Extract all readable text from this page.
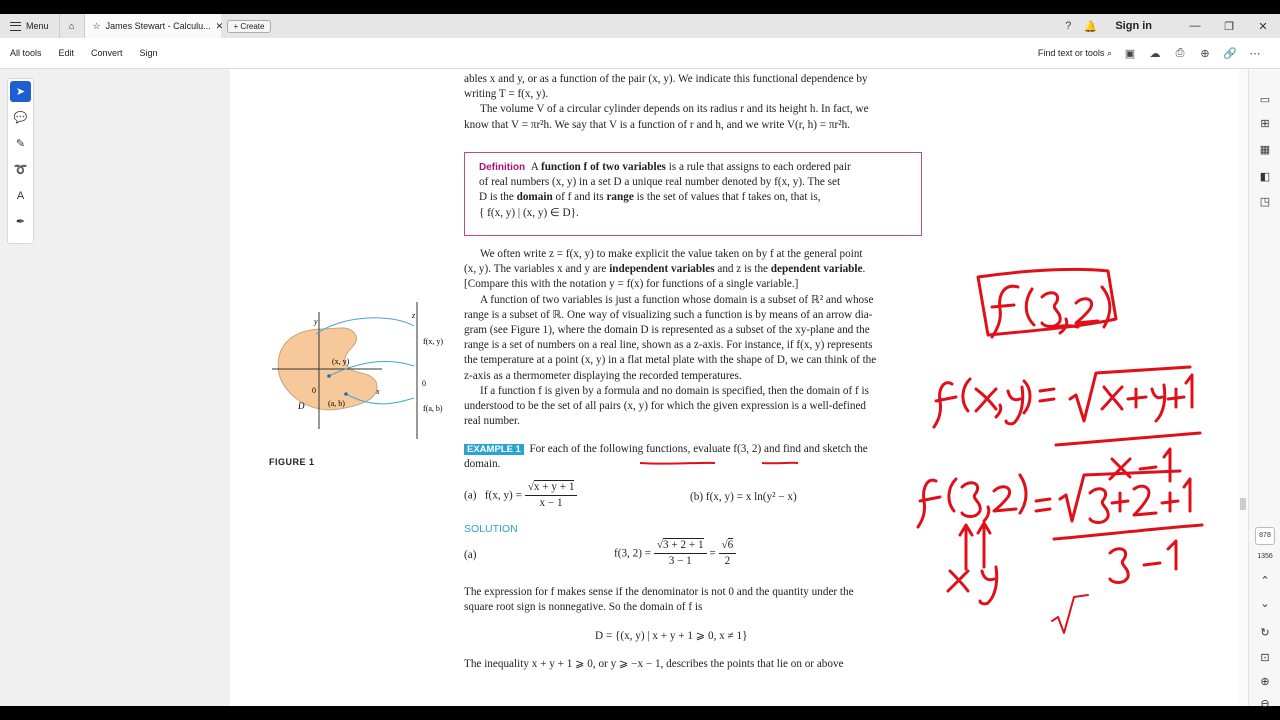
Menu ⌂ ☆ James Stewart - Calculu... ✕	+ Create	?	🔔	Sign in	—	❐	✕
All tools Edit Convert Sign	Find text or tools ⌕ ▣ ☁ ⎙ ⊕ 🔗 ⋯
➤
💬
✎
➰
A
✒
▭
⊞
▦
◧
◳
⌃
⌄
↻
⊡
⊕
⊖
878
1356

ables x and y, or as a function of the pair (x, y). We indicate this functional dependence by

writing T = f(x, y).

The volume V of a circular cylinder depends on its radius r and its height h. In fact, we

know that V = πr²h. We say that V is a function of r and h, and we write V(r, h) = πr²h.

Definition A function f of two variables is a rule that assigns to each ordered pair

of real numbers (x, y) in a set D a unique real number denoted by f(x, y). The set

D is the domain of f and its range is the set of values that f takes on, that is,

{ f(x, y) | (x, y) ∈ D}.

We often write z = f(x, y) to make explicit the value taken on by f at the general point

(x, y). The variables x and y are independent variables and z is the dependent variable.

[Compare this with the notation y = f(x) for functions of a single variable.]

A function of two variables is just a function whose domain is a subset of ℝ² and whose

range is a subset of ℝ. One way of visualizing such a function is by means of an arrow dia-

gram (see Figure 1), where the domain D is represented as a subset of the xy-plane and the

range is a set of numbers on a real line, shown as a z-axis. For instance, if f(x, y) represents

the temperature at a point (x, y) in a flat metal plate with the shape of D, we can think of the

z-axis as a thermometer displaying the recorded temperatures.

If a function f is given by a formula and no domain is specified, then the domain of f is

understood to be the set of all pairs (x, y) for which the given expression is a well-defined

real number.

EXAMPLE 1 For each of the following functions, evaluate f(3, 2) and find and sketch the

domain.

(a) f(x, $y) = \frac{√x + y + 1}{x - 1}$	(b) f(x, y) = x ln(y² − x)
SOLUTION
(a)	f(3, $2) = \frac{√3 + 2 + 1}{3 - 1} = \frac{√6}{2}$

The expression for f makes sense if the denominator is not 0 and the quantity under the

square root sign is nonnegative. So the domain of f is

D = {(x, y) | x + y + 1 ⩾ 0, x ≠ 1}
The inequality x + y + 1 ⩾ 0, or y ⩾ −x − 1, describes the points that lie on or above
y
z
x
0
0
D
(x, y)
(a, b)
f(x, y)
f(a, b)
FIGURE 1
